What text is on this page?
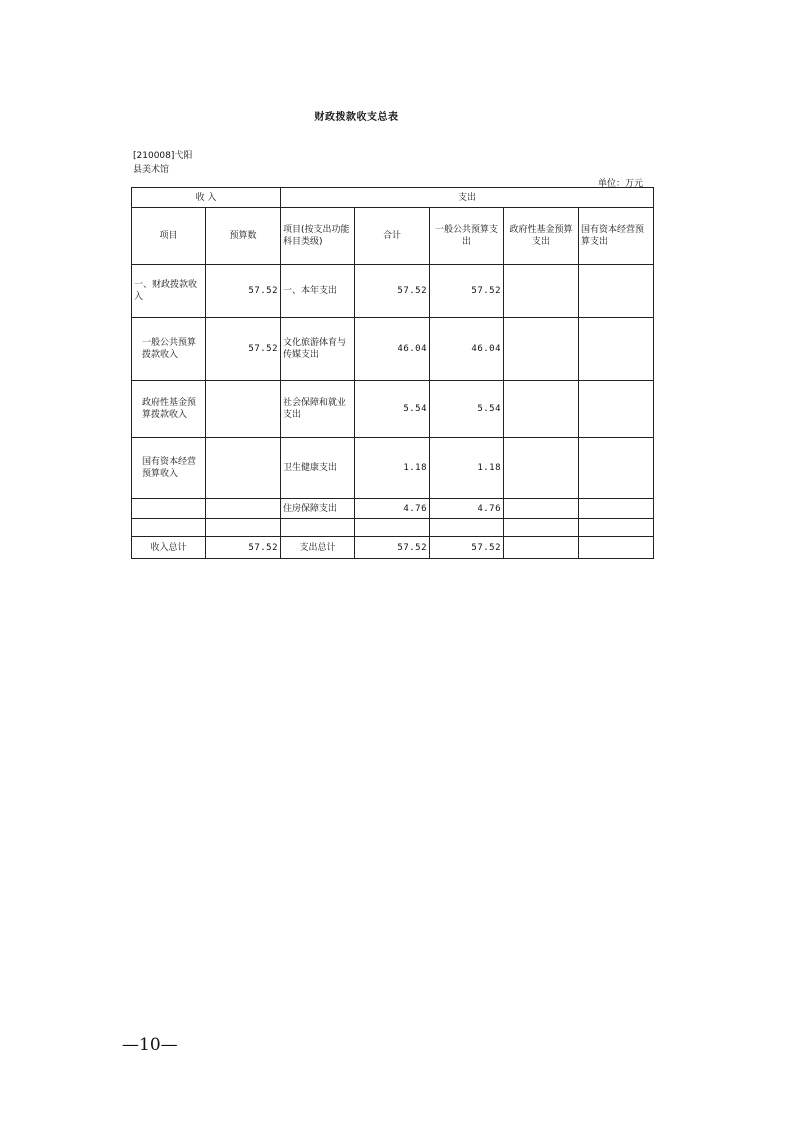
财政拨款收支总表
[210008]弋阳
县美术馆
单位：万元
收 入		支出				
项目	预算数	项目(按支出功能科目类级)	合计	一般公共预算支出	政府性基金预算支出	国有资本经营预算支出
一、财政拨款收入	57.52	一、本年支出	57.52	57.52		
一般公共预算拨款收入	57.52	文化旅游体育与传媒支出	46.04	46.04		
政府性基金预算拨款收入		社会保障和就业支出	5.54	5.54		
国有资本经营预算收入		卫生健康支出	1.18	1.18		
		住房保障支出	4.76	4.76		

收入总计	57.52	支出总计	57.52	57.52		
—10—
